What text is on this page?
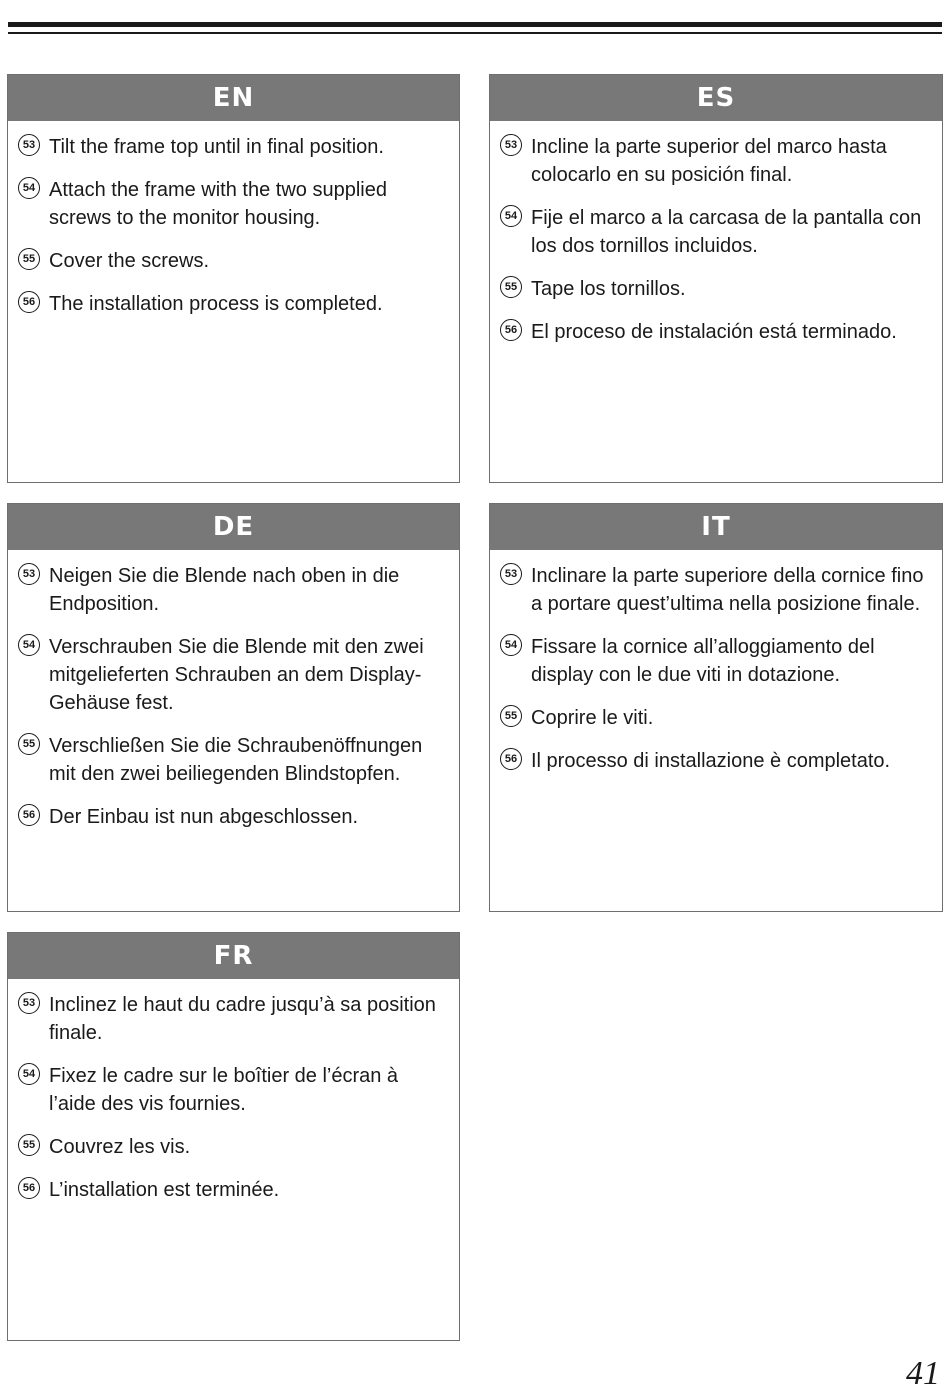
EN
53 Tilt the frame top until in final position.
54 Attach the frame with the two supplied screws to the monitor housing.
55 Cover the screws.
56 The installation process is completed.
ES
53 Incline la parte superior del marco hasta colocarlo en su posición final.
54 Fije el marco a la carcasa de la pantalla con los dos tornillos incluidos.
55 Tape los tornillos.
56 El proceso de instalación está terminado.
DE
53 Neigen Sie die Blende nach oben in die Endposition.
54 Verschrauben Sie die Blende mit den zwei mitgelieferten Schrauben an dem Display-Gehäuse fest.
55 Verschließen Sie die Schraubenöffnungen mit den zwei beiliegenden Blindstopfen.
56 Der Einbau ist nun abgeschlossen.
IT
53 Inclinare la parte superiore della cornice fino a portare quest’ultima nella posizione finale.
54 Fissare la cornice all’alloggiamento del display con le due viti in dotazione.
55 Coprire le viti.
56 Il processo di installazione è completato.
FR
53 Inclinez le haut du cadre jusqu’à sa position finale.
54 Fixez le cadre sur le boîtier de l’écran à l’aide des vis fournies.
55 Couvrez les vis.
56 L’installation est terminée.
41
